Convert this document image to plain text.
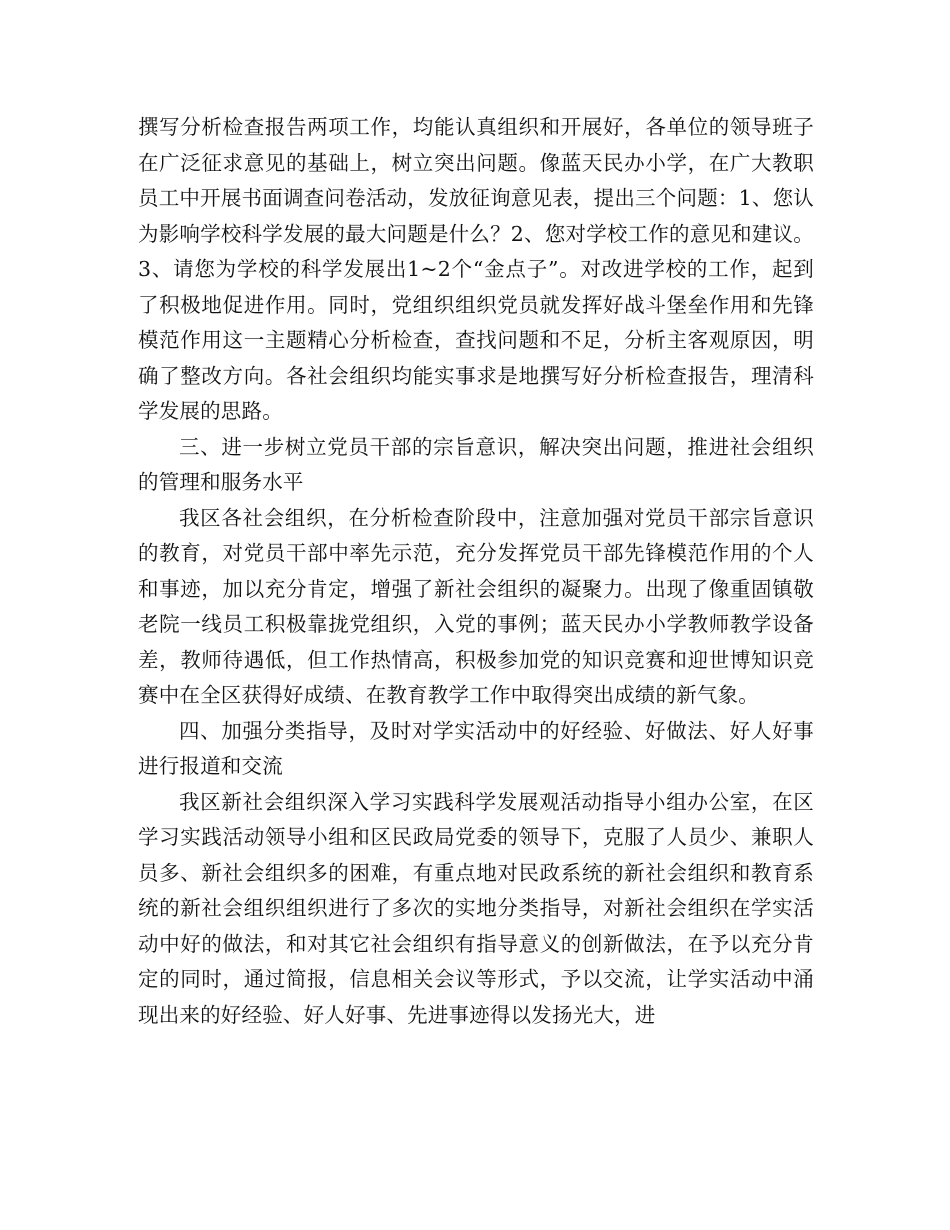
撰写分析检查报告两项工作，均能认真组织和开展好，各单位的领导班子在广泛征求意见的基础上，树立突出问题。像蓝天民办小学，在广大教职员工中开展书面调查问卷活动，发放征询意见表，提出三个问题：1、您认为影响学校科学发展的最大问题是什么？2、您对学校工作的意见和建议。3、请您为学校的科学发展出1~2个“金点子”。对改进学校的工作，起到了积极地促进作用。同时，党组织组织党员就发挥好战斗堡垒作用和先锋模范作用这一主题精心分析检查，查找问题和不足，分析主客观原因，明确了整改方向。各社会组织均能实事求是地撰写好分析检查报告，理清科学发展的思路。

三、进一步树立党员干部的宗旨意识，解决突出问题，推进社会组织的管理和服务水平

我区各社会组织，在分析检查阶段中，注意加强对党员干部宗旨意识的教育，对党员干部中率先示范，充分发挥党员干部先锋模范作用的个人和事迹，加以充分肯定，增强了新社会组织的凝聚力。出现了像重固镇敬老院一线员工积极靠拢党组织，入党的事例；蓝天民办小学教师教学设备差，教师待遇低，但工作热情高，积极参加党的知识竞赛和迎世博知识竞赛中在全区获得好成绩、在教育教学工作中取得突出成绩的新气象。

四、加强分类指导，及时对学实活动中的好经验、好做法、好人好事进行报道和交流

我区新社会组织深入学习实践科学发展观活动指导小组办公室，在区学习实践活动领导小组和区民政局党委的领导下，克服了人员少、兼职人员多、新社会组织多的困难，有重点地对民政系统的新社会组织和教育系统的新社会组织组织进行了多次的实地分类指导，对新社会组织在学实活动中好的做法，和对其它社会组织有指导意义的创新做法，在予以充分肯定的同时，通过简报，信息相关会议等形式，予以交流，让学实活动中涌现出来的好经验、好人好事、先进事迹得以发扬光大，进
